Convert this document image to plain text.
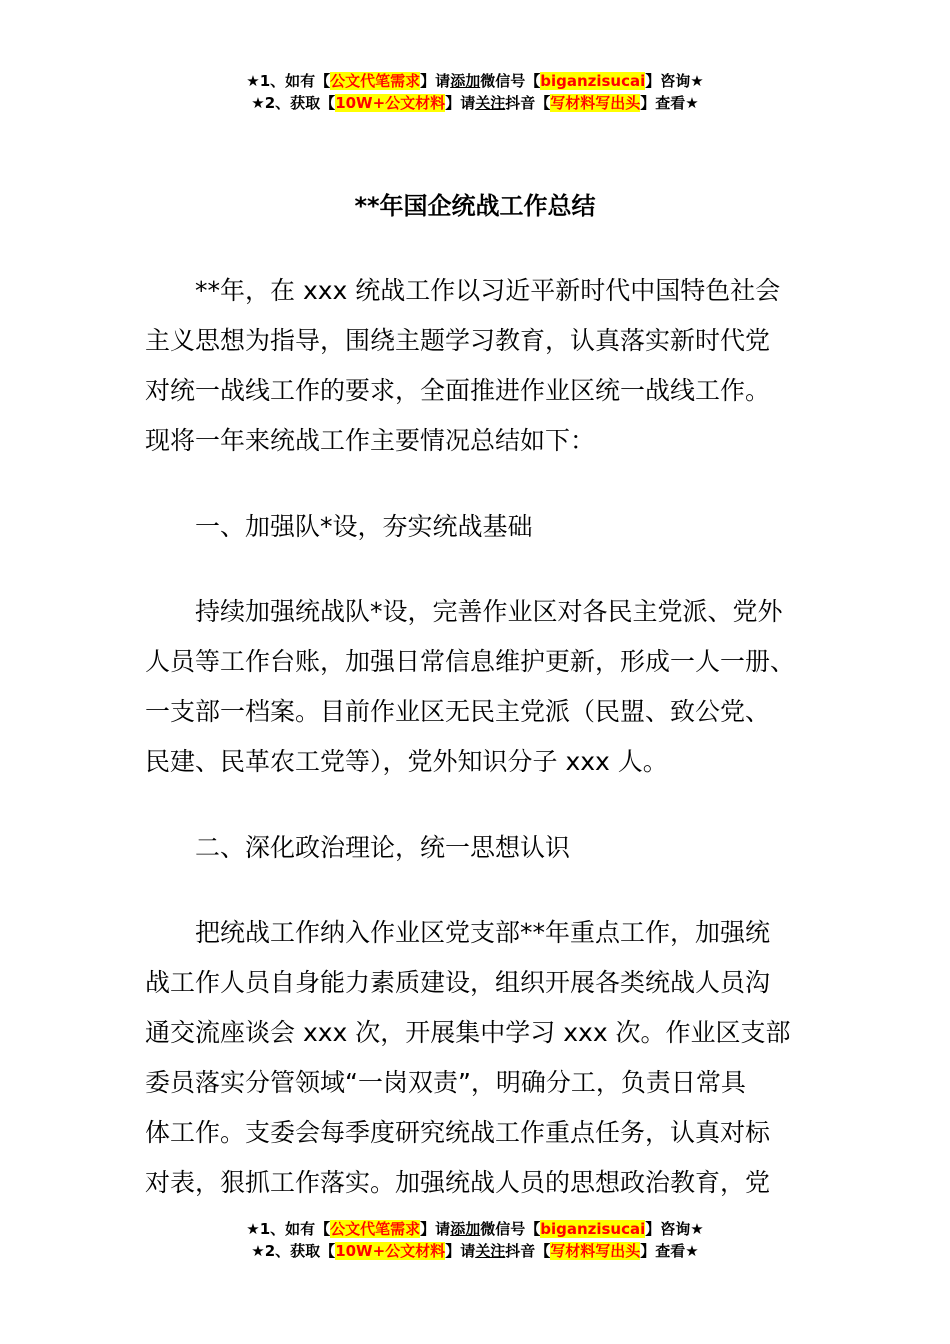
★1、如有【公文代笔需求】请添加微信号【biganzisucai】咨询★
★2、获取【10W+公文材料】请关注抖音【写材料写出头】查看★
**年国企统战工作总结
**年，在 xxx 统战工作以习近平新时代中国特色社会
主义思想为指导，围绕主题学习教育，认真落实新时代党
对统一战线工作的要求，全面推进作业区统一战线工作。
现将一年来统战工作主要情况总结如下：
一、加强队*设，夯实统战基础
持续加强统战队*设，完善作业区对各民主党派、党外
人员等工作台账，加强日常信息维护更新，形成一人一册、
一支部一档案。目前作业区无民主党派（民盟、致公党、
民建、民革农工党等），党外知识分子 xxx 人。
二、深化政治理论，统一思想认识
把统战工作纳入作业区党支部**年重点工作，加强统
战工作人员自身能力素质建设，组织开展各类统战人员沟
通交流座谈会 xxx 次，开展集中学习 xxx 次。作业区支部
委员落实分管领域“一岗双责”，明确分工，负责日常具
体工作。支委会每季度研究统战工作重点任务，认真对标
对表，狠抓工作落实。加强统战人员的思想政治教育，党
★1、如有【公文代笔需求】请添加微信号【biganzisucai】咨询★
★2、获取【10W+公文材料】请关注抖音【写材料写出头】查看★
